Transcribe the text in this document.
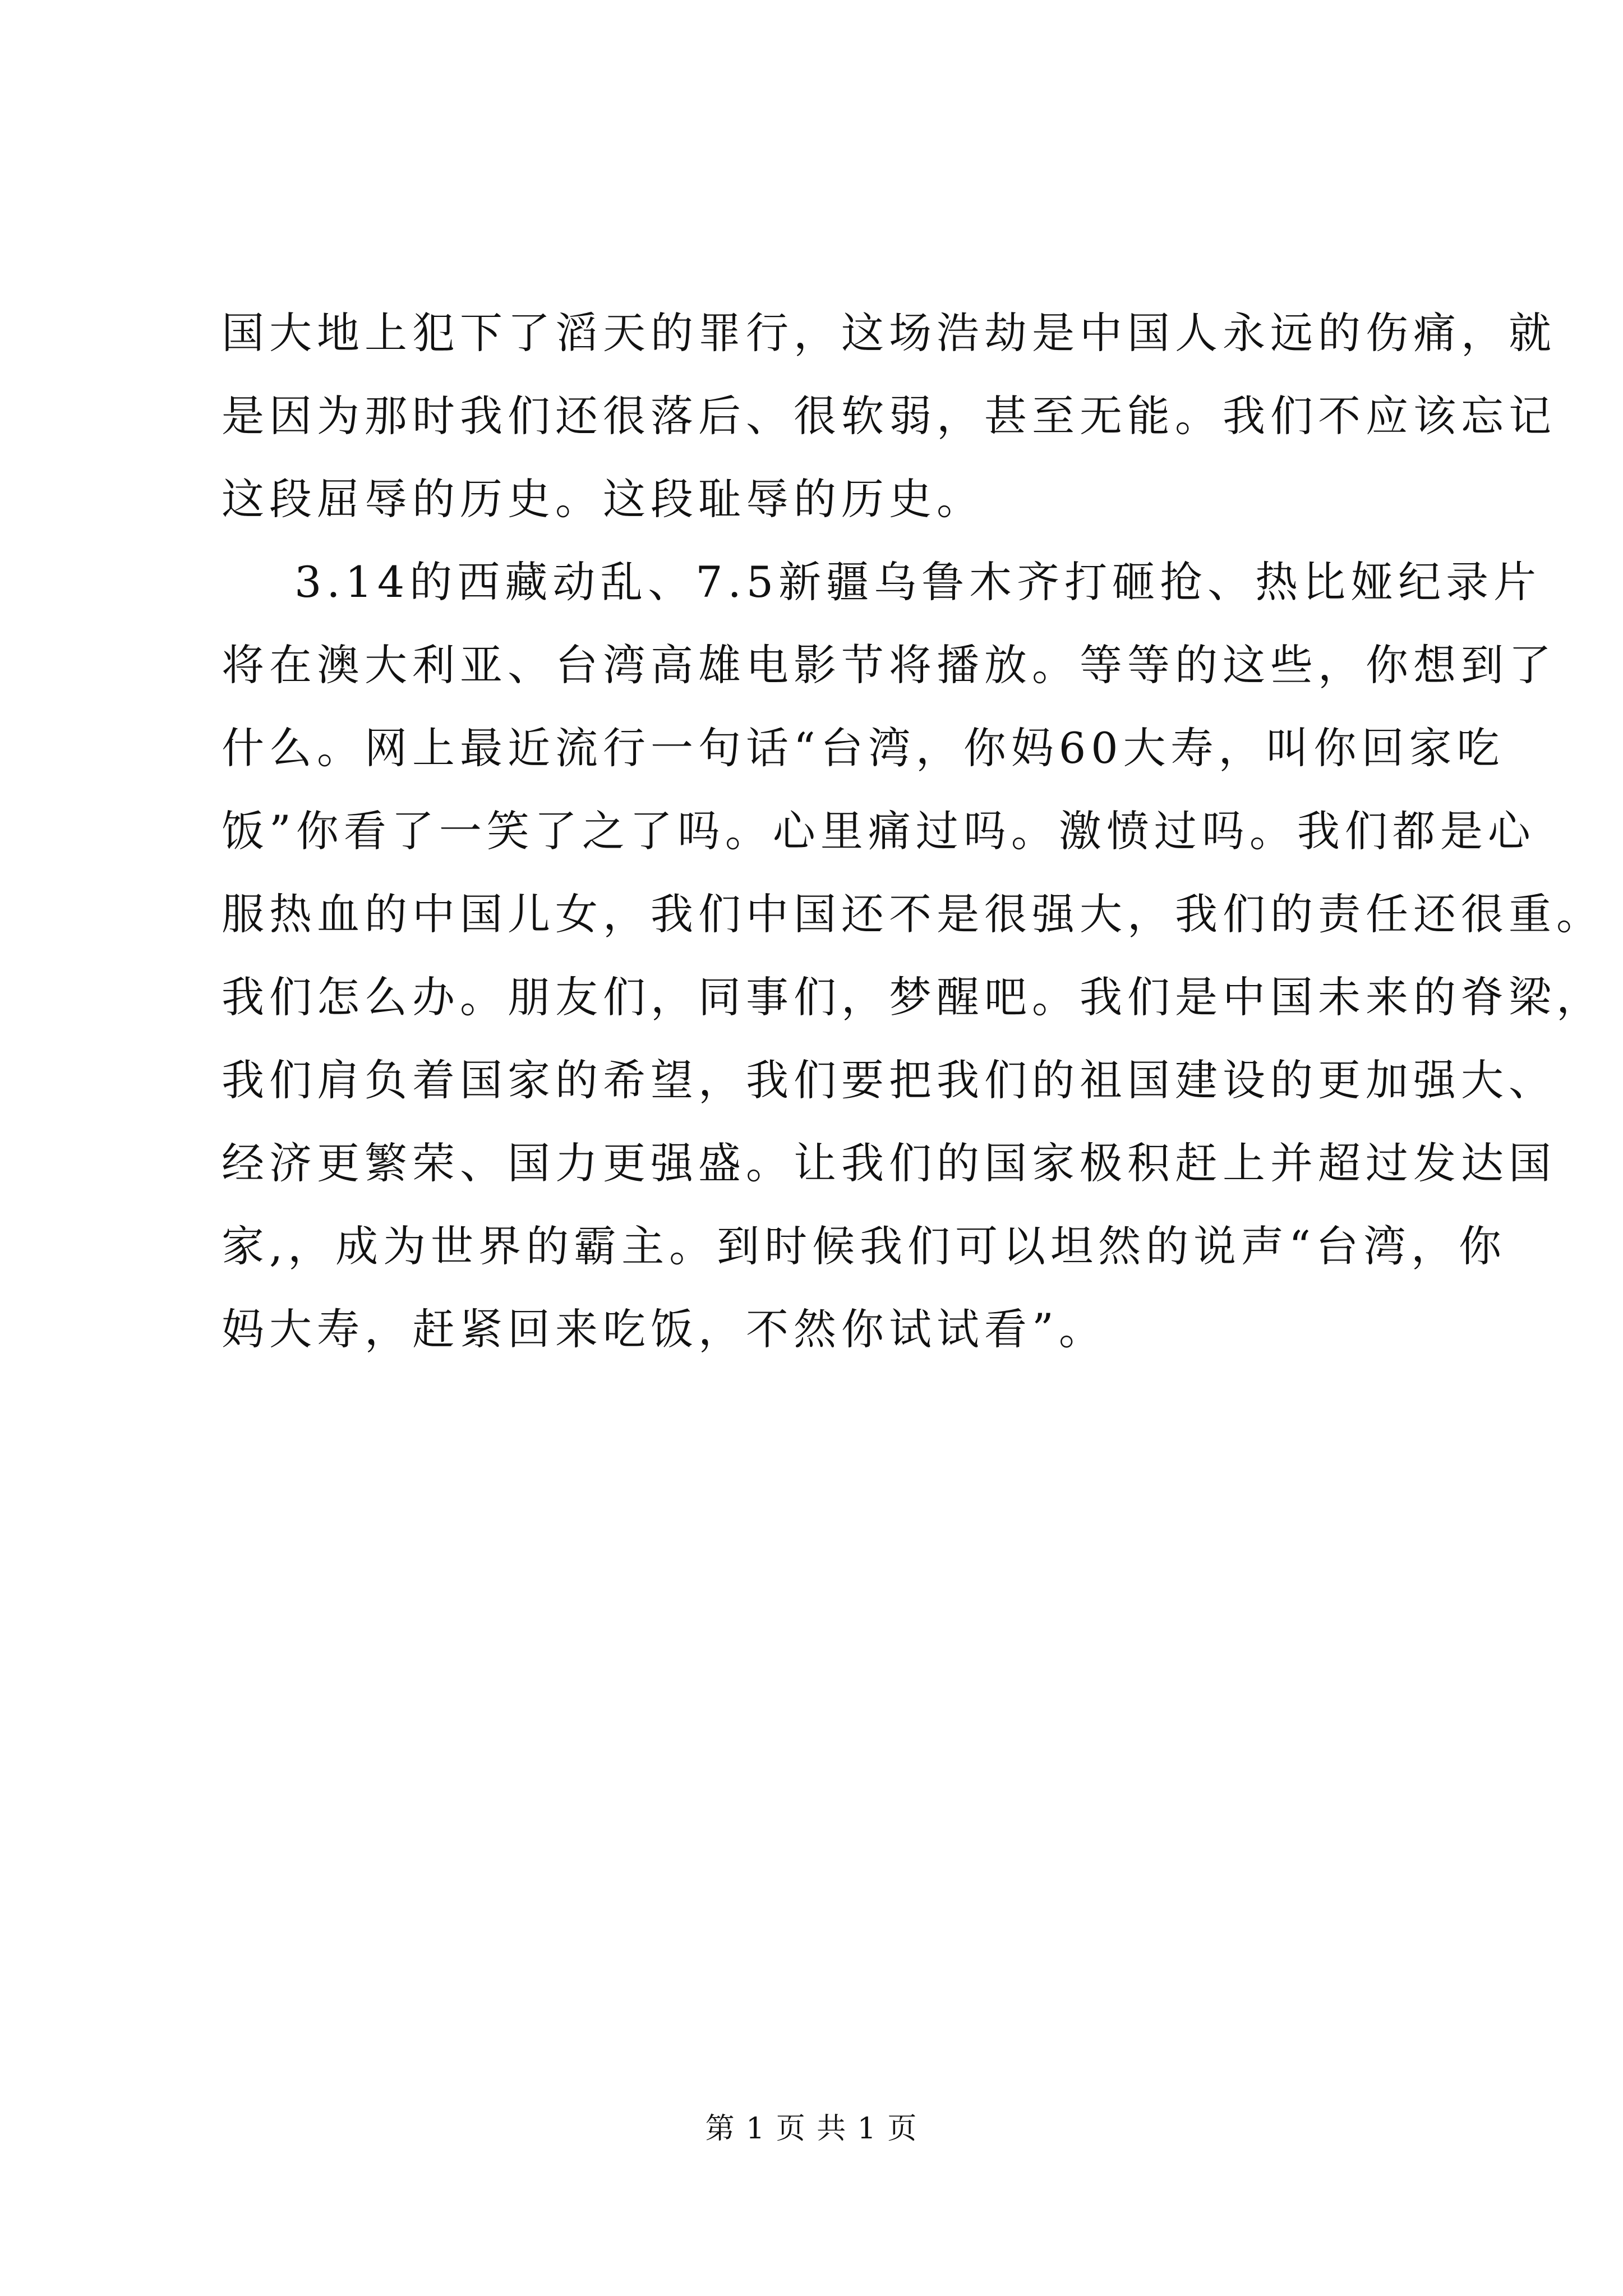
国大地上犯下了滔天的罪行，这场浩劫是中国人永远的伤痛，就
是因为那时我们还很落后、很软弱，甚至无能。我们不应该忘记
这段屈辱的历史。这段耻辱的历史。
3.14的西藏动乱、7.5新疆乌鲁木齐打砸抢、热比娅纪录片
将在澳大利亚、台湾高雄电影节将播放。等等的这些，你想到了
什么。网上最近流行一句话“台湾，你妈60大寿，叫你回家吃
饭”你看了一笑了之了吗。心里痛过吗。激愤过吗。我们都是心
服热血的中国儿女，我们中国还不是很强大，我们的责任还很重。
我们怎么办。朋友们，同事们，梦醒吧。我们是中国未来的脊梁，
我们肩负着国家的希望，我们要把我们的祖国建设的更加强大、
经济更繁荣、国力更强盛。让我们的国家极积赶上并超过发达国
家,，成为世界的霸主。到时候我们可以坦然的说声“台湾，你
妈大寿，赶紧回来吃饭，不然你试试看”。
第 1 页 共 1 页
